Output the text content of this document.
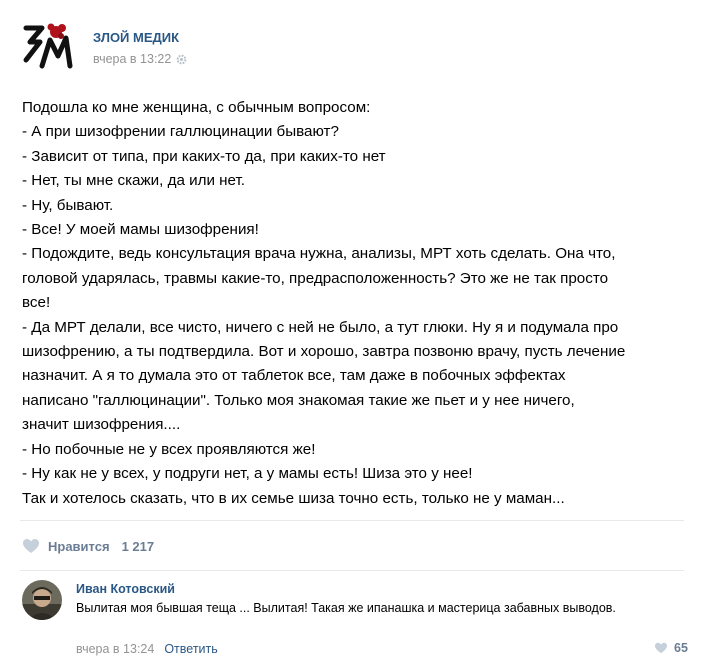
ЗЛОЙ МЕДИК
вчера в 13:22
Подошла ко мне женщина, с обычным вопросом:
- А при шизофрении галлюцинации бывают?
- Зависит от типа, при каких-то да, при каких-то нет
- Нет, ты мне скажи, да или нет.
- Ну, бывают.
- Все! У моей мамы шизофрения!
- Подождите, ведь консультация врача нужна, анализы, МРТ хоть сделать. Она что,
головой ударялась, травмы какие-то, предрасположенность? Это же не так просто
все!
- Да МРТ делали, все чисто, ничего с ней не было, а тут глюки. Ну я и подумала про
шизофрению, а ты подтвердила. Вот и хорошо, завтра позвоню врачу, пусть лечение
назначит. А я то думала это от таблеток все, там даже в побочных эффектах
написано "галлюцинации". Только моя знакомая такие же пьет и у нее ничего,
значит шизофрения....
- Но побочные не у всех проявляются же!
- Ну как не у всех, у подруги нет, а у мамы есть! Шиза это у нее!
Так и хотелось сказать, что в их семье шиза точно есть, только не у маман...
Нравится 1 217
Иван Котовский
Вылитая моя бывшая теща ... Вылитая! Такая же ипанашка и мастерица забавных выводов.
вчера в 13:24 Ответить	65
